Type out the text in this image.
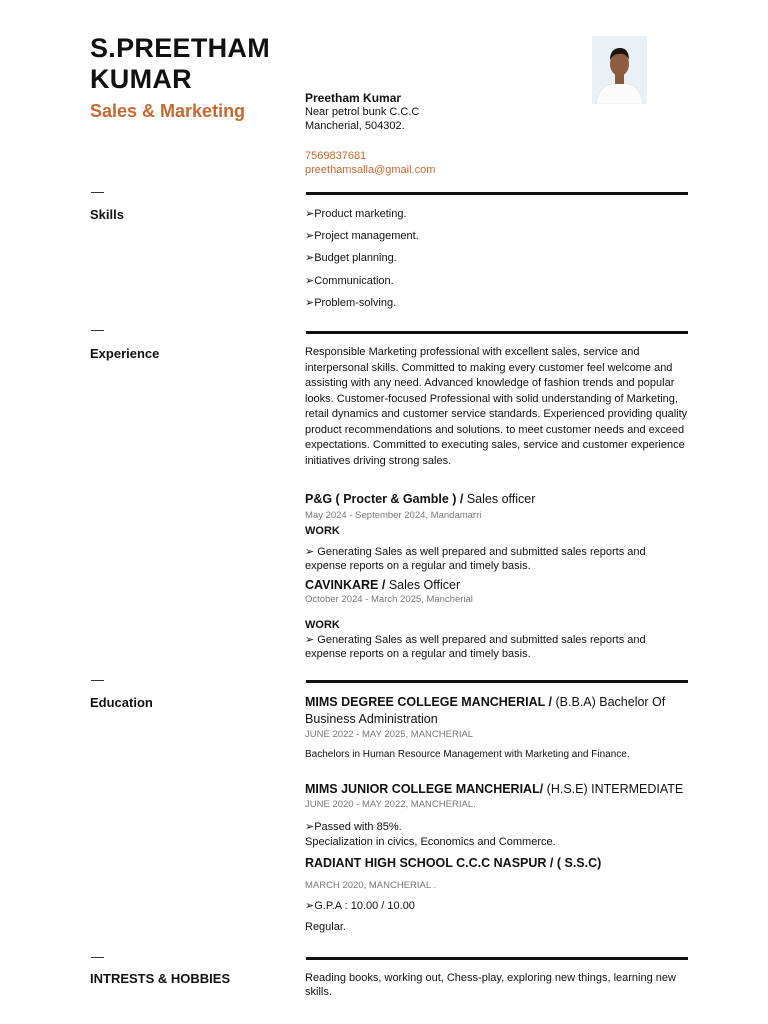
S.PREETHAM
KUMAR
Sales & Marketing
Preetham Kumar
Near petrol bunk C.C.C
Mancherial, 504302.
7569837681
preethamsalla@gmail.com
Skills	➢Product marketing.
➢Project management.
➢Budget planning.
➢Communication.
➢Problem-solving.
Experience	Responsible Marketing professional with excellent sales, service and interpersonal skills. Committed to making every customer feel welcome and assisting with any need. Advanced knowledge of fashion trends and popular looks. Customer-focused Professional with solid understanding of Marketing, retail dynamics and customer service standards. Experienced providing quality product recommendations and solutions. to meet customer needs and exceed expectations. Committed to executing sales, service and customer experience initiatives driving strong sales.
P&G ( Procter & Gamble ) / Sales officer
May 2024 - September 2024, Mandamarri
WORK
➢ Generating Sales as well prepared and submitted sales reports and expense reports on a regular and timely basis.
CAVINKARE / Sales Officer
October 2024 - March 2025, Mancherial
WORK
➢ Generating Sales as well prepared and submitted sales reports and expense reports on a regular and timely basis.
Education	MIMS DEGREE COLLEGE MANCHERIAL / (B.B.A) Bachelor Of
Business Administration
JUNE 2022 - MAY 2025, MANCHERIAL
Bachelors in Human Resource Management with Marketing and Finance.
MIMS JUNIOR COLLEGE MANCHERIAL/ (H.S.E) INTERMEDIATE
JUNE 2020 - MAY 2022, MANCHERIAL.
➢Passed with 85%.
Specialization in civics, Economics and Commerce.
RADIANT HIGH SCHOOL C.C.C NASPUR / ( S.S.C)
MARCH 2020, MANCHERIAL .
➢G.P.A : 10.00 / 10.00
Regular.
INTRESTS & HOBBIES	Reading books, working out, Chess-play, exploring new things, learning new skills.
